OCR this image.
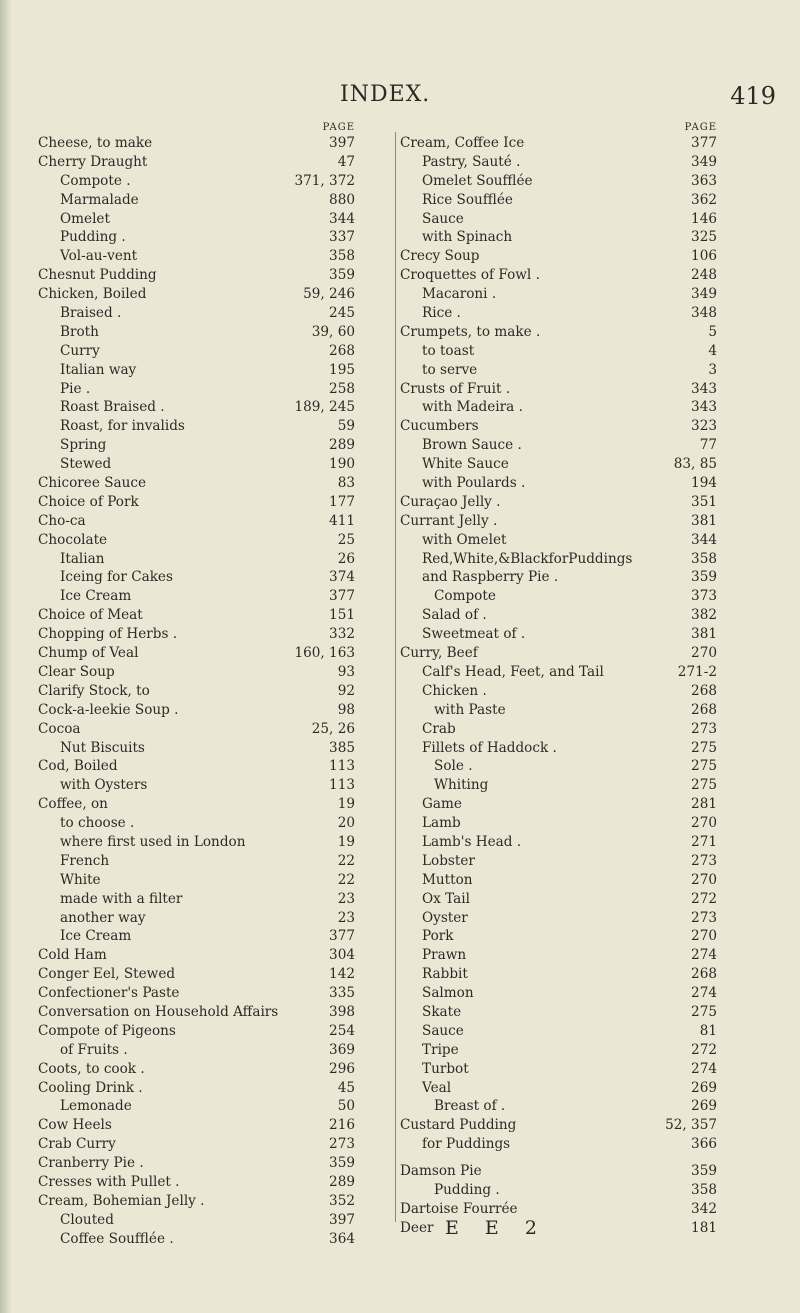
INDEX.	419
PAGE
Cheese, to make	397
Cherry Draught	47
Compote .	371, 372
Marmalade	880
Omelet	344
Pudding .	337
Vol-au-vent	358
Chesnut Pudding	359
Chicken, Boiled	59, 246
Braised .	245
Broth	39, 60
Curry	268
Italian way	195
Pie .	258
Roast Braised .	189, 245
Roast, for invalids	59
Spring	289
Stewed	190
Chicoree Sauce	83
Choice of Pork	177
Cho-ca	411
Chocolate	25
Italian	26
Iceing for Cakes	374
Ice Cream	377
Choice of Meat	151
Chopping of Herbs .	332
Chump of Veal	160, 163
Clear Soup	93
Clarify Stock, to	92
Cock-a-leekie Soup .	98
Cocoa	25, 26
Nut Biscuits	385
Cod, Boiled	113
with Oysters	113
Coffee, on	19
to choose .	20
where first used in London	19
French	22
White	22
made with a filter	23
another way	23
Ice Cream	377
Cold Ham	304
Conger Eel, Stewed	142
Confectioner's Paste	335
Conversation on Household Affairs	398
Compote of Pigeons	254
of Fruits .	369
Coots, to cook .	296
Cooling Drink .	45
Lemonade	50
Cow Heels	216
Crab Curry	273
Cranberry Pie .	359
Cresses with Pullet .	289
Cream, Bohemian Jelly .	352
Clouted	397
Coffee Soufflée .	364
PAGE
Cream, Coffee Ice	377
Pastry, Sauté .	349
Omelet Soufflée	363
Rice Soufflée	362
Sauce	146
with Spinach	325
Crecy Soup	106
Croquettes of Fowl .	248
Macaroni .	349
Rice .	348
Crumpets, to make .	5
to toast	4
to serve	3
Crusts of Fruit .	343
with Madeira .	343
Cucumbers	323
Brown Sauce .	77
White Sauce	83, 85
with Poulards .	194
Curaçao Jelly .	351
Currant Jelly .	381
with Omelet	344
Red,White,&BlackforPuddings	358
and Raspberry Pie .	359
Compote	373
Salad of .	382
Sweetmeat of .	381
Curry, Beef	270
Calf's Head, Feet, and Tail	271-2
Chicken .	268
with Paste	268
Crab	273
Fillets of Haddock .	275
Sole .	275
Whiting	275
Game	281
Lamb	270
Lamb's Head .	271
Lobster	273
Mutton	270
Ox Tail	272
Oyster	273
Pork	270
Prawn	274
Rabbit	268
Salmon	274
Skate	275
Sauce	81
Tripe	272
Turbot	274
Veal	269
Breast of .	269
Custard Pudding	52, 357
for Puddings	366
Damson Pie	359
Pudding .	358
Dartoise Fourrée	342
Deer	181
E E 2
